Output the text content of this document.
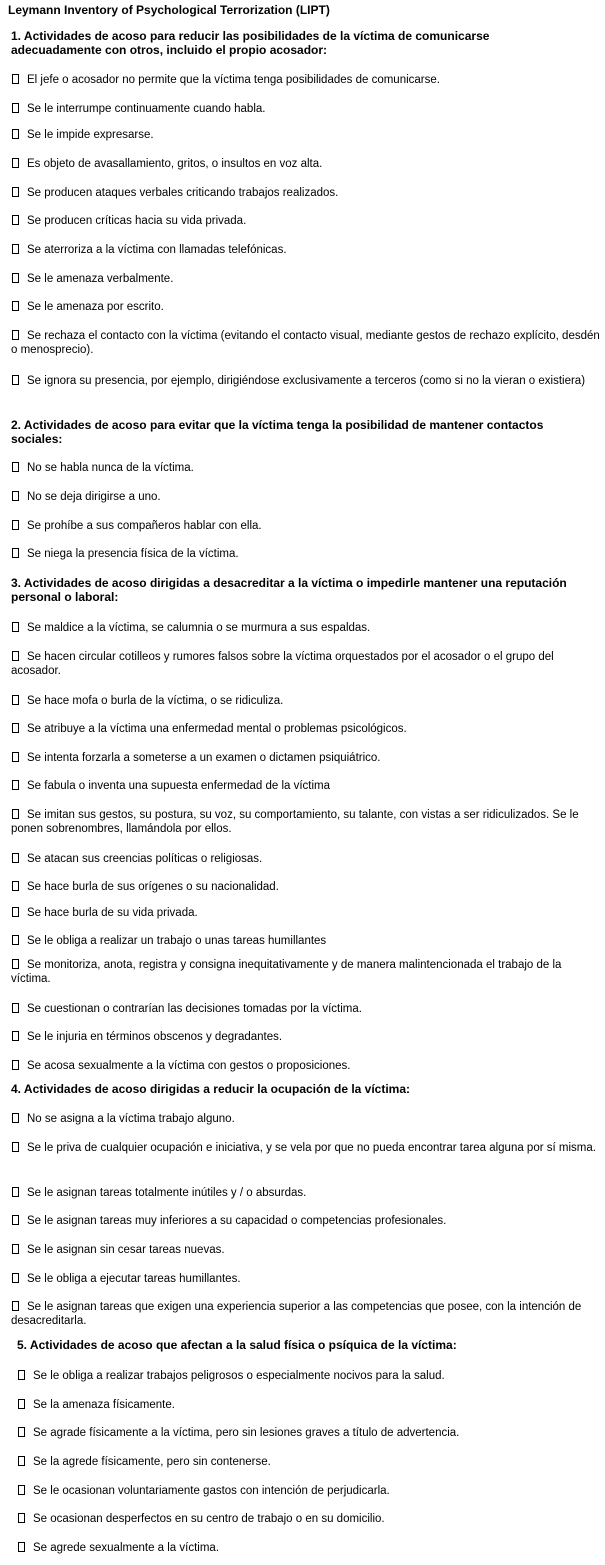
Leymann Inventory of Psychological Terrorization (LIPT)
1. Actividades de acoso para reducir las posibilidades de la víctima de comunicarse adecuadamente con otros, incluido el propio acosador:
El jefe o acosador no permite que la víctima tenga posibilidades de comunicarse.
Se le interrumpe continuamente cuando habla.
Se le impide expresarse.
Es objeto de avasallamiento, gritos, o insultos en voz alta.
Se producen ataques verbales criticando trabajos realizados.
Se producen críticas hacia su vida privada.
Se aterroriza a la víctima con llamadas telefónicas.
Se le amenaza verbalmente.
Se le amenaza por escrito.
Se rechaza el contacto con la víctima (evitando el contacto visual, mediante gestos de rechazo explícito, desdén o menosprecio).
Se ignora su presencia, por ejemplo, dirigiéndose exclusivamente a terceros (como si no la vieran o existiera)
2. Actividades de acoso para evitar que la víctima tenga la posibilidad de mantener contactos sociales:
No se habla nunca de la víctima.
No se deja dirigirse a uno.
Se prohíbe a sus compañeros hablar con ella.
Se niega la presencia física de la víctima.
3. Actividades de acoso dirigidas a desacreditar a la víctima o impedirle mantener una reputación personal o laboral:
Se maldice a la víctima, se calumnia o se murmura a sus espaldas.
Se hacen circular cotilleos y rumores falsos sobre la víctima orquestados por el acosador o el grupo del acosador.
Se hace mofa o burla de la víctima, o se ridiculiza.
Se atribuye a la víctima una enfermedad mental o problemas psicológicos.
Se intenta forzarla a someterse a un examen o dictamen psiquiátrico.
Se fabula o inventa una supuesta enfermedad de la víctima
Se imitan sus gestos, su postura, su voz, su comportamiento, su talante, con vistas a ser ridiculizados. Se le ponen sobrenombres, llamándola por ellos.
Se atacan sus creencias políticas o religiosas.
Se hace burla de sus orígenes o su nacionalidad.
Se hace burla de su vida privada.
Se le obliga a realizar un trabajo o unas tareas humillantes
Se monitoriza, anota, registra y consigna inequitativamente y de manera malintencionada el trabajo de la víctima.
Se cuestionan o contrarían las decisiones tomadas por la víctima.
Se le injuria en términos obscenos y degradantes.
Se acosa sexualmente a la víctima con gestos o proposiciones.
4. Actividades de acoso dirigidas a reducir la ocupación de la víctima:
No se asigna a la víctima trabajo alguno.
Se le priva de cualquier ocupación e iniciativa, y se vela por que no pueda encontrar tarea alguna por sí misma.
Se le asignan tareas totalmente inútiles y / o absurdas.
Se le asignan tareas muy inferiores a su capacidad o competencias profesionales.
Se le asignan sin cesar tareas nuevas.
Se le obliga a ejecutar tareas humillantes.
Se le asignan tareas que exigen una experiencia superior a las competencias que posee, con la intención de desacreditarla.
5. Actividades de acoso que afectan a la salud física o psíquica de la víctima:
Se le obliga a realizar trabajos peligrosos o especialmente nocivos para la salud.
Se la amenaza físicamente.
Se agrade físicamente a la víctima, pero sin lesiones graves a título de advertencia.
Se la agrede físicamente, pero sin contenerse.
Se le ocasionan voluntariamente gastos con intención de perjudicarla.
Se ocasionan desperfectos en su centro de trabajo o en su domicilio.
Se agrede sexualmente a la víctima.
